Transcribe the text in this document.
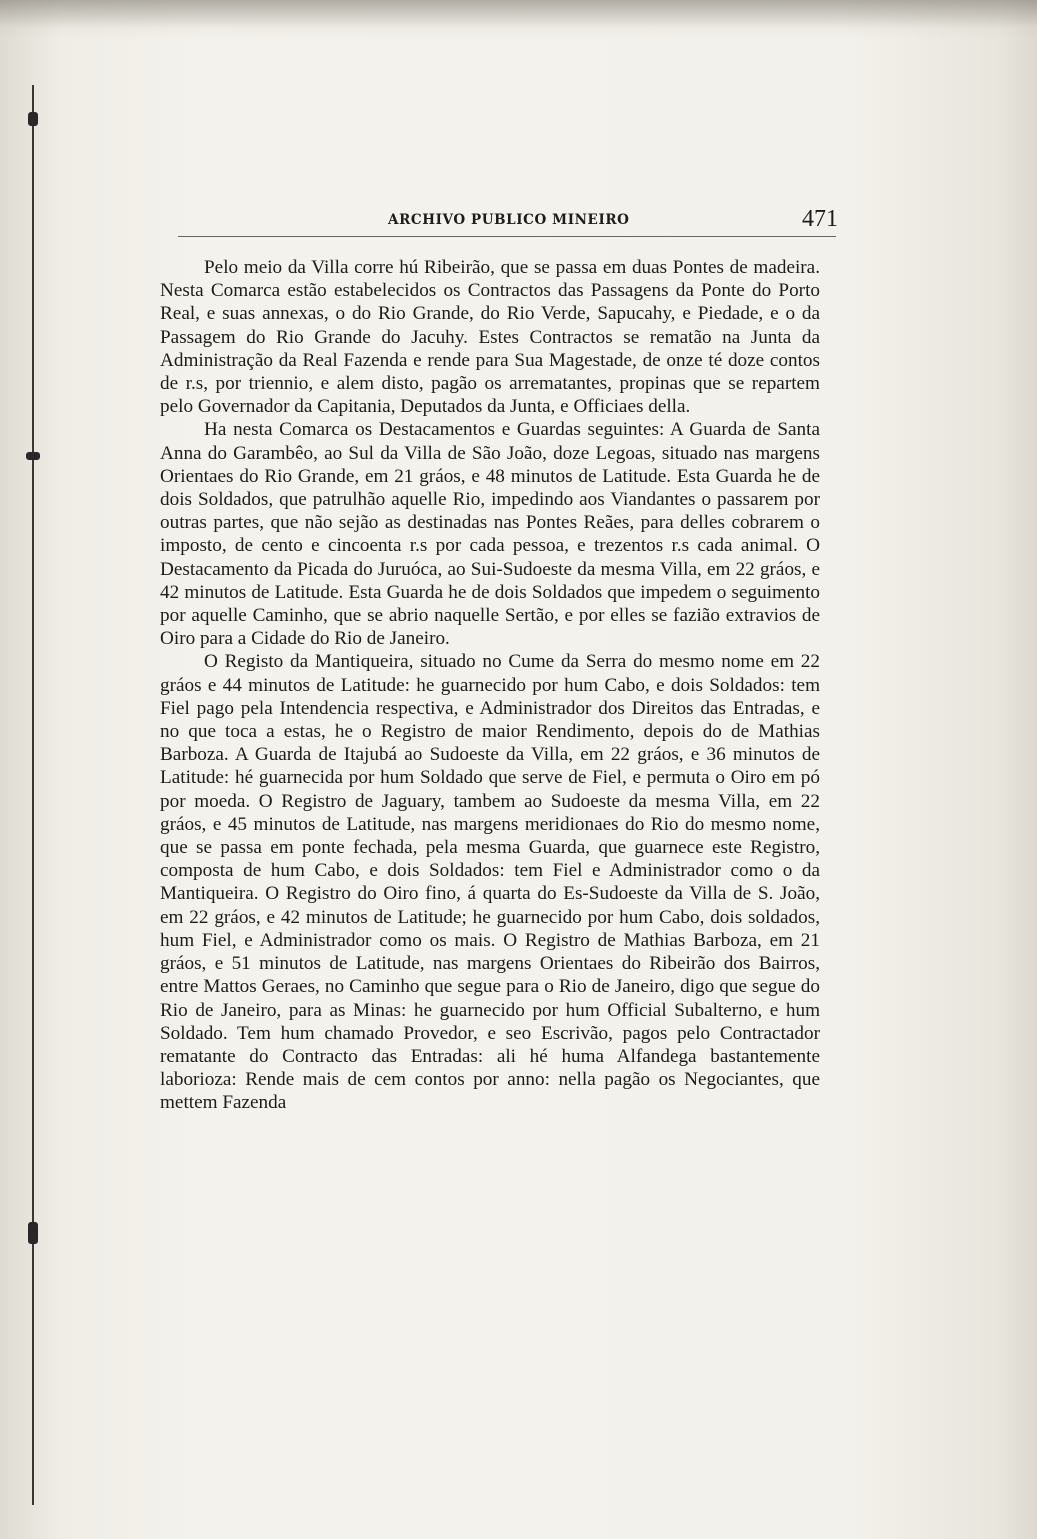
ARCHIVO PUBLICO MINEIRO	471

Pelo meio da Villa corre hú Ribeirão, que se passa em duas Pontes de madeira. Nesta Comarca estão estabelecidos os Contractos das Passagens da Ponte do Porto Real, e suas annexas, o do Rio Grande, do Rio Verde, Sapucahy, e Piedade, e o da Passagem do Rio Grande do Jacuhy. Estes Contractos se rematão na Junta da Administração da Real Fazenda e rende para Sua Magestade, de onze té doze contos de r.s, por triennio, e alem disto, pagão os arrematantes, propinas que se repartem pelo Governador da Capitania, Deputados da Junta, e Officiaes della.

Ha nesta Comarca os Destacamentos e Guardas seguintes: A Guarda de Santa Anna do Garambêo, ao Sul da Villa de São João, doze Legoas, situado nas margens Orientaes do Rio Grande, em 21 gráos, e 48 minutos de Latitude. Esta Guarda he de dois Soldados, que patrulhão aquelle Rio, impedindo aos Viandantes o passarem por outras partes, que não sejão as destinadas nas Pontes Reães, para delles cobrarem o imposto, de cento e cincoenta r.s por cada pessoa, e trezentos r.s cada animal. O Destacamento da Picada do Juruóca, ao Sui-Sudoeste da mesma Villa, em 22 gráos, e 42 minutos de Latitude. Esta Guarda he de dois Soldados que impedem o seguimento por aquelle Caminho, que se abrio naquelle Sertão, e por elles se fazião extravios de Oiro para a Cidade do Rio de Janeiro.

O Registo da Mantiqueira, situado no Cume da Serra do mesmo nome em 22 gráos e 44 minutos de Latitude: he guarnecido por hum Cabo, e dois Soldados: tem Fiel pago pela Intendencia respectiva, e Administrador dos Direitos das Entradas, e no que toca a estas, he o Registro de maior Rendimento, depois do de Mathias Barboza. A Guarda de Itajubá ao Sudoeste da Villa, em 22 gráos, e 36 minutos de Latitude: hé guarnecida por hum Soldado que serve de Fiel, e permuta o Oiro em pó por moeda. O Registro de Jaguary, tambem ao Sudoeste da mesma Villa, em 22 gráos, e 45 minutos de Latitude, nas margens meridionaes do Rio do mesmo nome, que se passa em ponte fechada, pela mesma Guarda, que guarnece este Registro, composta de hum Cabo, e dois Soldados: tem Fiel e Administrador como o da Mantiqueira. O Registro do Oiro fino, á quarta do Es-Sudoeste da Villa de S. João, em 22 gráos, e 42 minutos de Latitude; he guarnecido por hum Cabo, dois soldados, hum Fiel, e Administrador como os mais. O Registro de Mathias Barboza, em 21 gráos, e 51 minutos de Latitude, nas margens Orientaes do Ribeirão dos Bairros, entre Mattos Geraes, no Caminho que segue para o Rio de Janeiro, digo que segue do Rio de Janeiro, para as Minas: he guarnecido por hum Official Subalterno, e hum Soldado. Tem hum chamado Provedor, e seo Escrivão, pagos pelo Contractador rematante do Contracto das Entradas: ali hé huma Alfandega bastantemente laborioza: Rende mais de cem contos por anno: nella pagão os Negociantes, que mettem Fazenda
